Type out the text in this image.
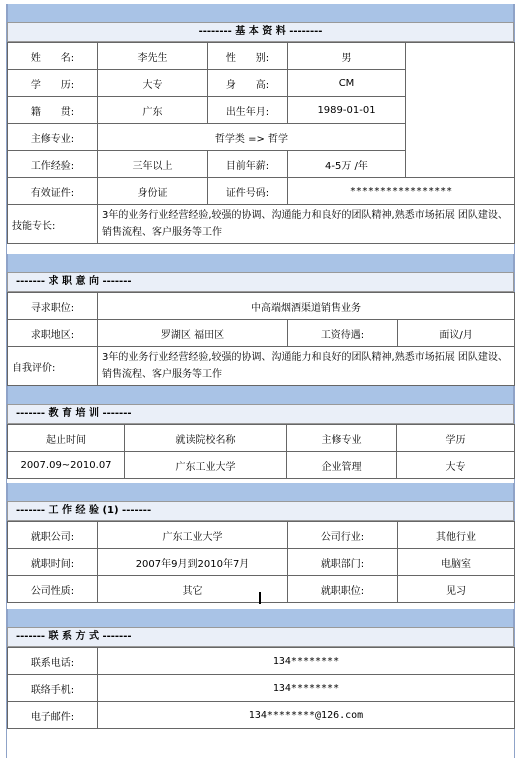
-------- 基 本 资 料 --------
姓　　名:	李先生	性　　别:	男	
学　　历:	大专	身　　高:	CM	
籍　　贯:	广东	出生年月:	1989-01-01	
主修专业:	哲学类 => 哲学			
工作经验:	三年以上	目前年薪:	4-5万 /年	
有效证件:	身份证	证件号码:	*****************	
技能专长:	3年的业务行业经营经验,较强的协调、沟通能力和良好的团队精神,熟悉市场拓展 团队建设、销售流程、客户服务等工作			
------- 求 职 意 向 -------
寻求职位:	中高端烟酒渠道销售业务		
求职地区:	罗湖区 福田区	工资待遇:	面议/月
自我评价:	3年的业务行业经营经验,较强的协调、沟通能力和良好的团队精神,熟悉市场拓展 团队建设、销售流程、客户服务等工作		
------- 教 育 培 训 -------
起止时间	就读院校名称	主修专业	学历
2007.09~2010.07	广东工业大学	企业管理	大专
------- 工 作 经 验 (1) -------
就职公司:	广东工业大学	公司行业:	其他行业
就职时间:	2007年9月到2010年7月	就职部门:	电脑室
公司性质:	其它	就职职位:	见习
------- 联 系 方 式 -------
联系电话:	134********
联络手机:	134********
电子邮件:	134********@126.com
